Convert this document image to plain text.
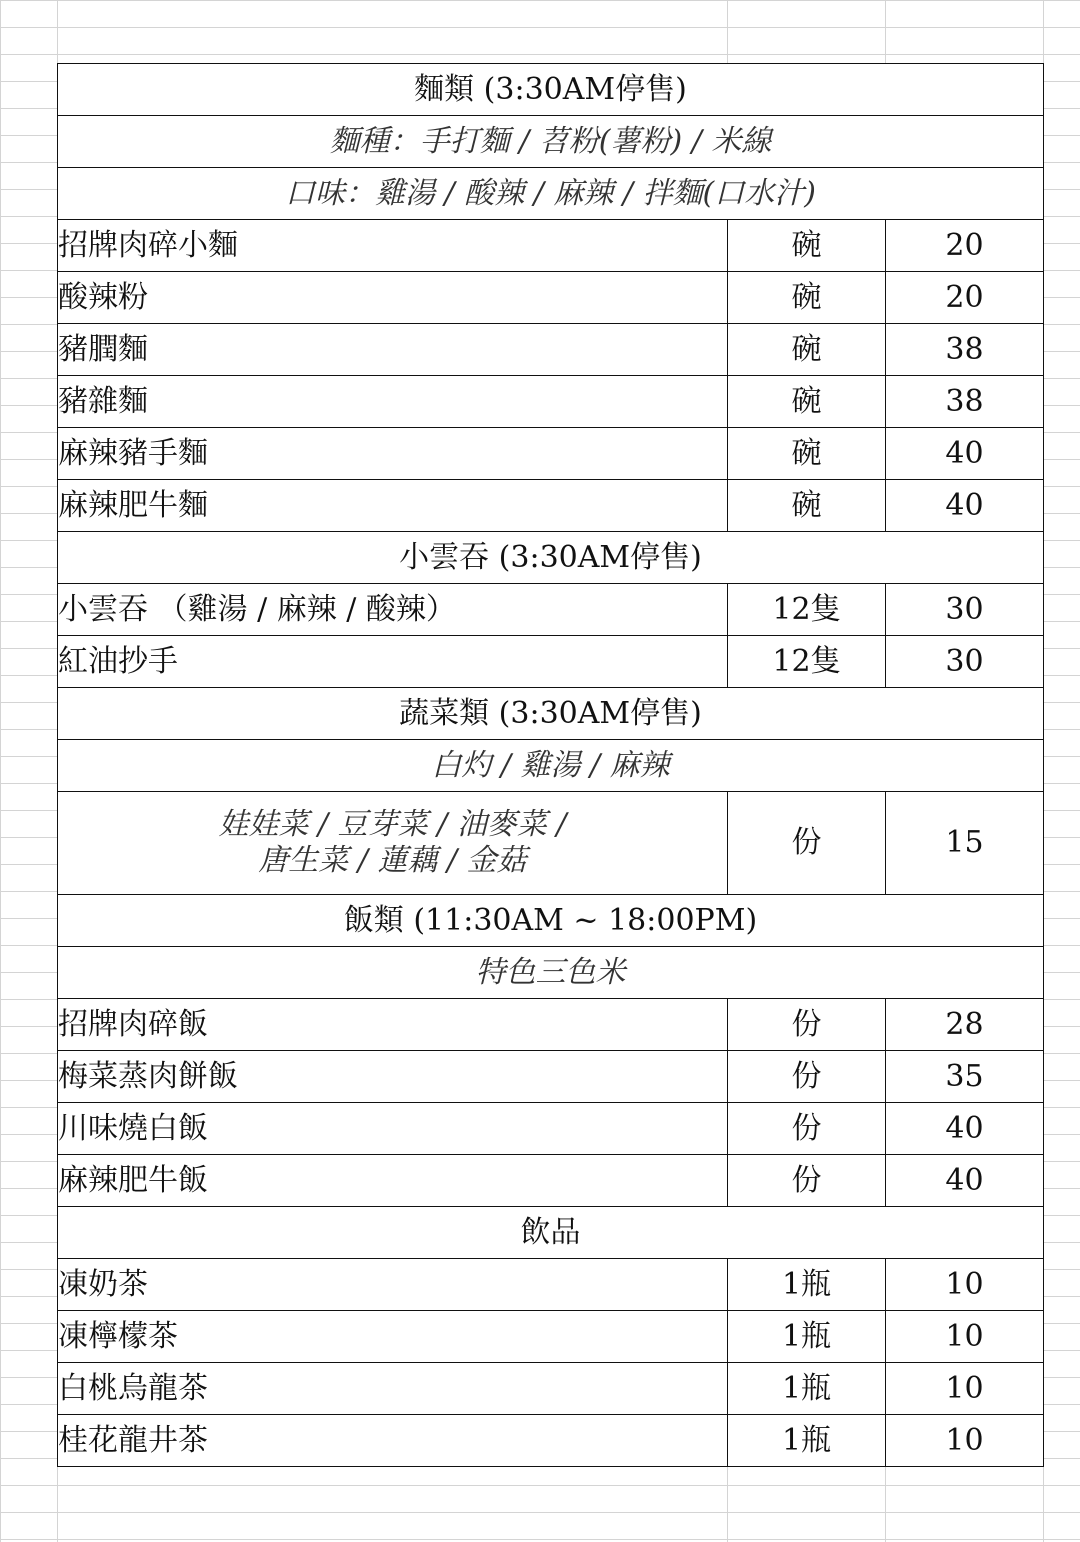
麵類 (3:30AM停售)		
麵種：手打麵 / 苕粉(薯粉) / 米線		
口味：雞湯 / 酸辣 / 麻辣 / 拌麵(口水汁)		
招牌肉碎小麵	碗	20
酸辣粉	碗	20
豬膶麵	碗	38
豬雜麵	碗	38
麻辣豬手麵	碗	40
麻辣肥牛麵	碗	40
小雲吞 (3:30AM停售)		
小雲吞 （雞湯 / 麻辣 / 酸辣）	12隻	30
紅油抄手	12隻	30
蔬菜類 (3:30AM停售)		
白灼 / 雞湯 / 麻辣		

娃娃菜 / 豆芽菜 / 油麥菜 /
唐生菜 / 蓮藕 / 金菇	份	15
飯類 (11:30AM ~ 18:00PM)		
特色三色米		
招牌肉碎飯	份	28
梅菜蒸肉餅飯	份	35
川味燒白飯	份	40
麻辣肥牛飯	份	40
飲品		
凍奶茶	1瓶	10
凍檸檬茶	1瓶	10
白桃烏龍茶	1瓶	10
桂花龍井茶	1瓶	10
